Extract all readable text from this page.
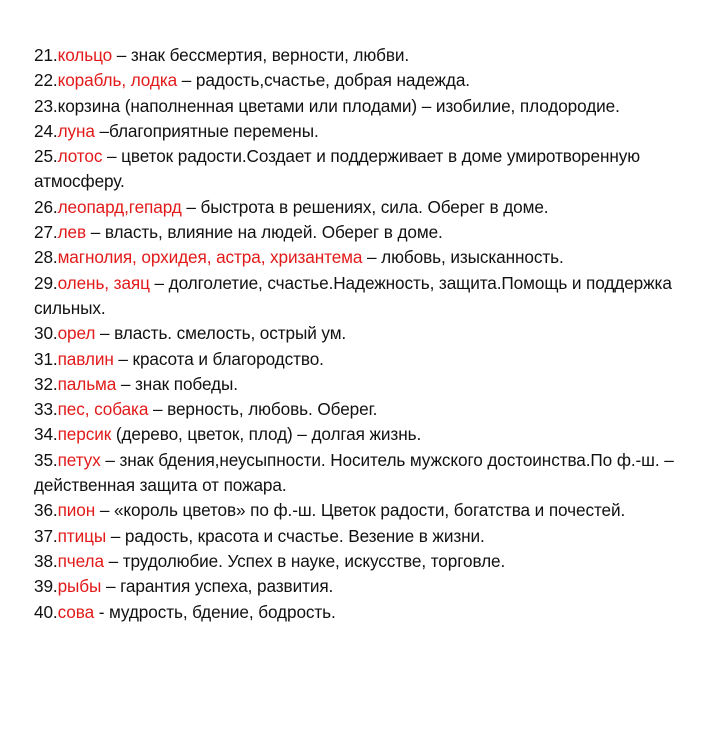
21.кольцо – знак бессмертия, верности, любви.

22.корабль, лодка – радость,счастье, добрая надежда.

23.корзина (наполненная цветами или плодами) – изобилие, плодородие.

24.луна –благоприятные перемены.

25.лотос – цветок радости.Создает и поддерживает в доме умиротворенную атмосферу.

26.леопард,гепард – быстрота в решениях, сила. Оберег в доме.

27.лев – власть, влияние на людей. Оберег в доме.

28.магнолия, орхидея, астра, хризантема – любовь, изысканность.

29.олень, заяц – долголетие, счастье.Надежность, защита.Помощь и поддержка сильных.

30.орел – власть. смелость, острый ум.

31.павлин – красота и благородство.

32.пальма – знак победы.

33.пес, собака – верность, любовь. Оберег.

34.персик (дерево, цветок, плод) – долгая жизнь.

35.петух – знак бдения,неусыпности. Носитель мужского достоинства.По ф.-ш. – действенная защита от пожара.

36.пион – «король цветов» по ф.-ш. Цветок радости, богатства и почестей.

37.птицы – радость, красота и счастье. Везение в жизни.

38.пчела – трудолюбие. Успех в науке, искусстве, торговле.

39.рыбы – гарантия успеха, развития.

40.сова - мудрость, бдение, бодрость.
